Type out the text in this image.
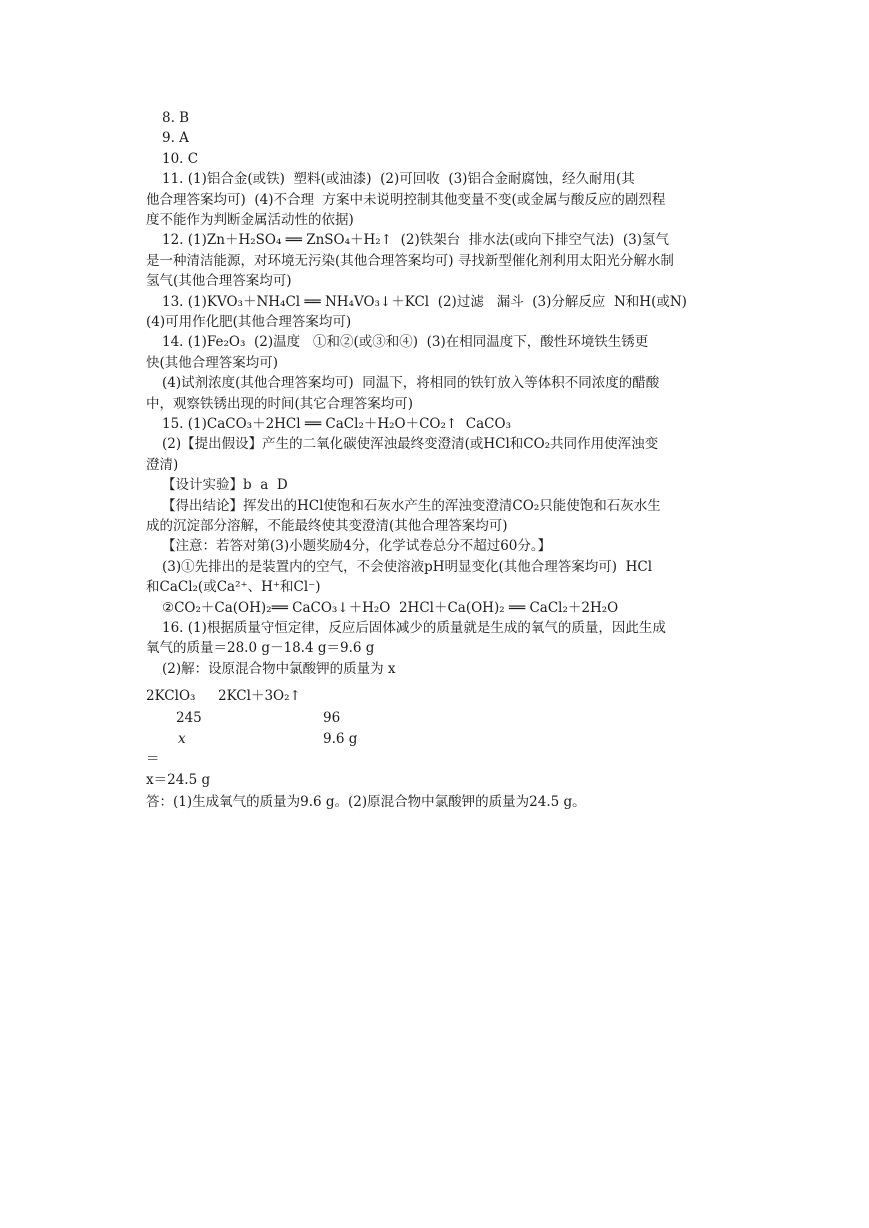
8. B
9. A
10. C
11. (1)铝合金(或铁)  塑料(或油漆)  (2)可回收  (3)铝合金耐腐蚀，经久耐用(其
他合理答案均可)  (4)不合理  方案中未说明控制其他变量不变(或金属与酸反应的剧烈程
度不能作为判断金属活动性的依据)
12. (1)Zn＋H₂SO₄ ══ ZnSO₄＋H₂↑  (2)铁架台  排水法(或向下排空气法)  (3)氢气
是一种清洁能源，对环境无污染(其他合理答案均可) 寻找新型催化剂利用太阳光分解水制
氢气(其他合理答案均可)
13. (1)KVO₃＋NH₄Cl ══ NH₄VO₃↓＋KCl  (2)过滤   漏斗  (3)分解反应  N和H(或N)
(4)可用作化肥(其他合理答案均可)
14. (1)Fe₂O₃  (2)温度   ①和②(或③和④)  (3)在相同温度下，酸性环境铁生锈更
快(其他合理答案均可)
(4)试剂浓度(其他合理答案均可)  同温下，将相同的铁钉放入等体积不同浓度的醋酸
中，观察铁锈出现的时间(其它合理答案均可)
15. (1)CaCO₃＋2HCl ══ CaCl₂＋H₂O＋CO₂↑  CaCO₃
(2)【提出假设】产生的二氧化碳使浑浊最终变澄清(或HCl和CO₂共同作用使浑浊变
澄清)
【设计实验】b  a  D
【得出结论】挥发出的HCl使饱和石灰水产生的浑浊变澄清CO₂只能使饱和石灰水生
成的沉淀部分溶解，不能最终使其变澄清(其他合理答案均可)
【注意：若答对第(3)小题奖励4分，化学试卷总分不超过60分。】
(3)①先排出的是装置内的空气，不会使溶液pH明显变化(其他合理答案均可)  HCl
和CaCl₂(或Ca²⁺、H⁺和Cl⁻)
②CO₂＋Ca(OH)₂══ CaCO₃↓＋H₂O  2HCl＋Ca(OH)₂ ══ CaCl₂＋2H₂O
16. (1)根据质量守恒定律，反应后固体减少的质量就是生成的氧气的质量，因此生成
氧气的质量＝28.0 g－18.4 g＝9.6 g
(2)解：设原混合物中氯酸钾的质量为 x

2KClO₃

2KCl＋3O₂↑

245

	96

x

	9.6 g

＝

x＝24.5 g

答：(1)生成氧气的质量为9.6 g。(2)原混合物中氯酸钾的质量为24.5 g。
